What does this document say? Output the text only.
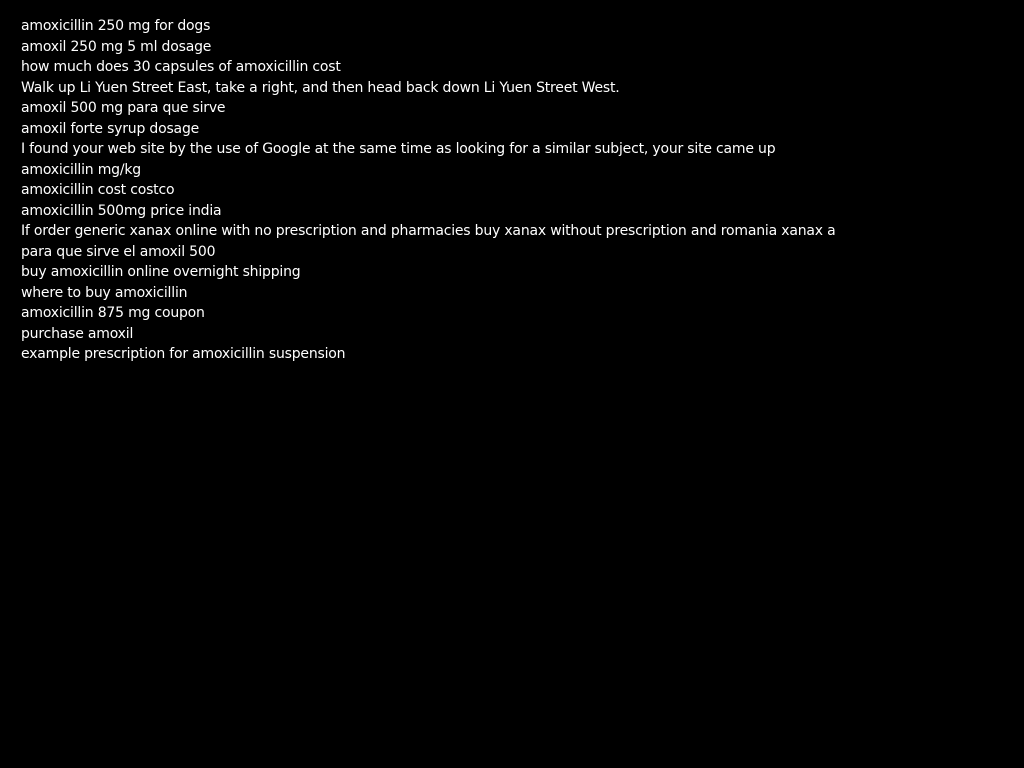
amoxicillin 250 mg for dogs
amoxil 250 mg 5 ml dosage
how much does 30 capsules of amoxicillin cost
Walk up Li Yuen Street East, take a right, and then head back down Li Yuen Street West.
amoxil 500 mg para que sirve
amoxil forte syrup dosage
I found your web site by the use of Google at the same time as looking for a similar subject, your site came up
amoxicillin mg/kg
amoxicillin cost costco
amoxicillin 500mg price india
If order generic xanax online with no prescription and pharmacies buy xanax without prescription and romania xanax a
para que sirve el amoxil 500
buy amoxicillin online overnight shipping
where to buy amoxicillin
amoxicillin 875 mg coupon
purchase amoxil
example prescription for amoxicillin suspension
